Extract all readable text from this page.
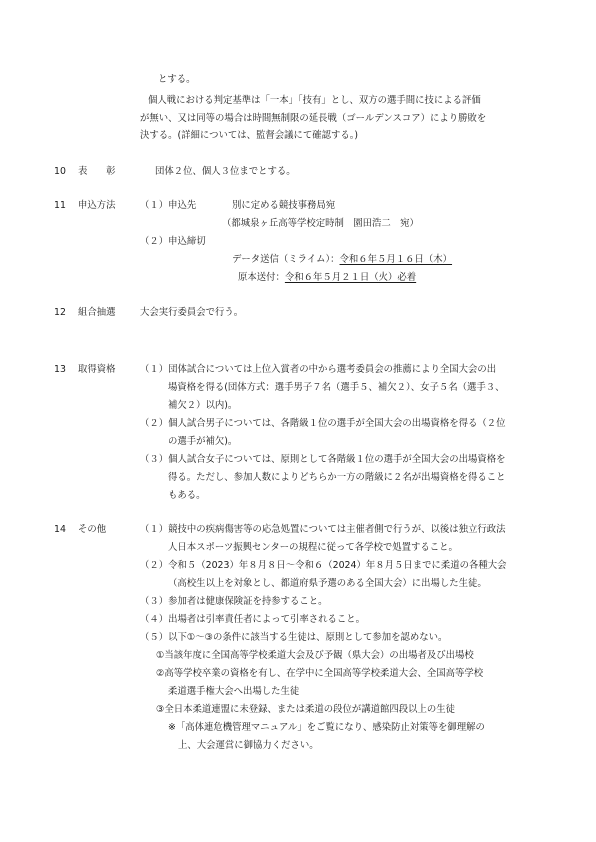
とする。
個人戦における判定基準は「一本」「技有」とし、双方の選手間に技による評価
が無い、又は同等の場合は時間無制限の延長戦（ゴールデンスコア）により勝敗を
決する。(詳細については、監督会議にて確認する。)
10 表　　彰	団体２位、個人３位までとする。
11 申込方法	（１）申込先	別に定める競技事務局宛
（都城泉ヶ丘高等学校定時制　園田浩二　宛）
（２）申込締切
データ送信（ミライム）：令和６年５月１６日（木）
原本送付：令和６年５月２１日（火）必着
12 組合抽選	大会実行委員会で行う。
13 取得資格	（１）団体試合については上位入賞者の中から選考委員会の推薦により全国大会の出
場資格を得る(団体方式：選手男子７名（選手５、補欠２）、女子５名（選手３、
補欠２）以内)。
（２）個人試合男子については、各階級１位の選手が全国大会の出場資格を得る（２位
の選手が補欠)。
（３）個人試合女子については、原則として各階級１位の選手が全国大会の出場資格を
得る。ただし、参加人数によりどちらか一方の階級に２名が出場資格を得ること
もある。
14 その他	（１）競技中の疾病傷害等の応急処置については主催者側で行うが、以後は独立行政法
人日本スポーツ振興センターの規程に従って各学校で処置すること。
（２）令和５（2023）年８月８日～令和６（2024）年８月５日までに柔道の各種大会
（高校生以上を対象とし、都道府県予選のある全国大会）に出場した生徒。
（３）参加者は健康保険証を持参すること。
（４）出場者は引率責任者によって引率されること。
（５）以下①～③の条件に該当する生徒は、原則として参加を認めない。
①当該年度に全国高等学校柔道大会及び予観（県大会）の出場者及び出場校
②高等学校卒業の資格を有し、在学中に全国高等学校柔道大会、全国高等学校
柔道選手権大会へ出場した生徒
③全日本柔道連盟に未登録、または柔道の段位が講道館四段以上の生徒
※「高体連危機管理マニュアル」をご覧になり、感染防止対策等を御理解の
上、大会運営に御協力ください。
